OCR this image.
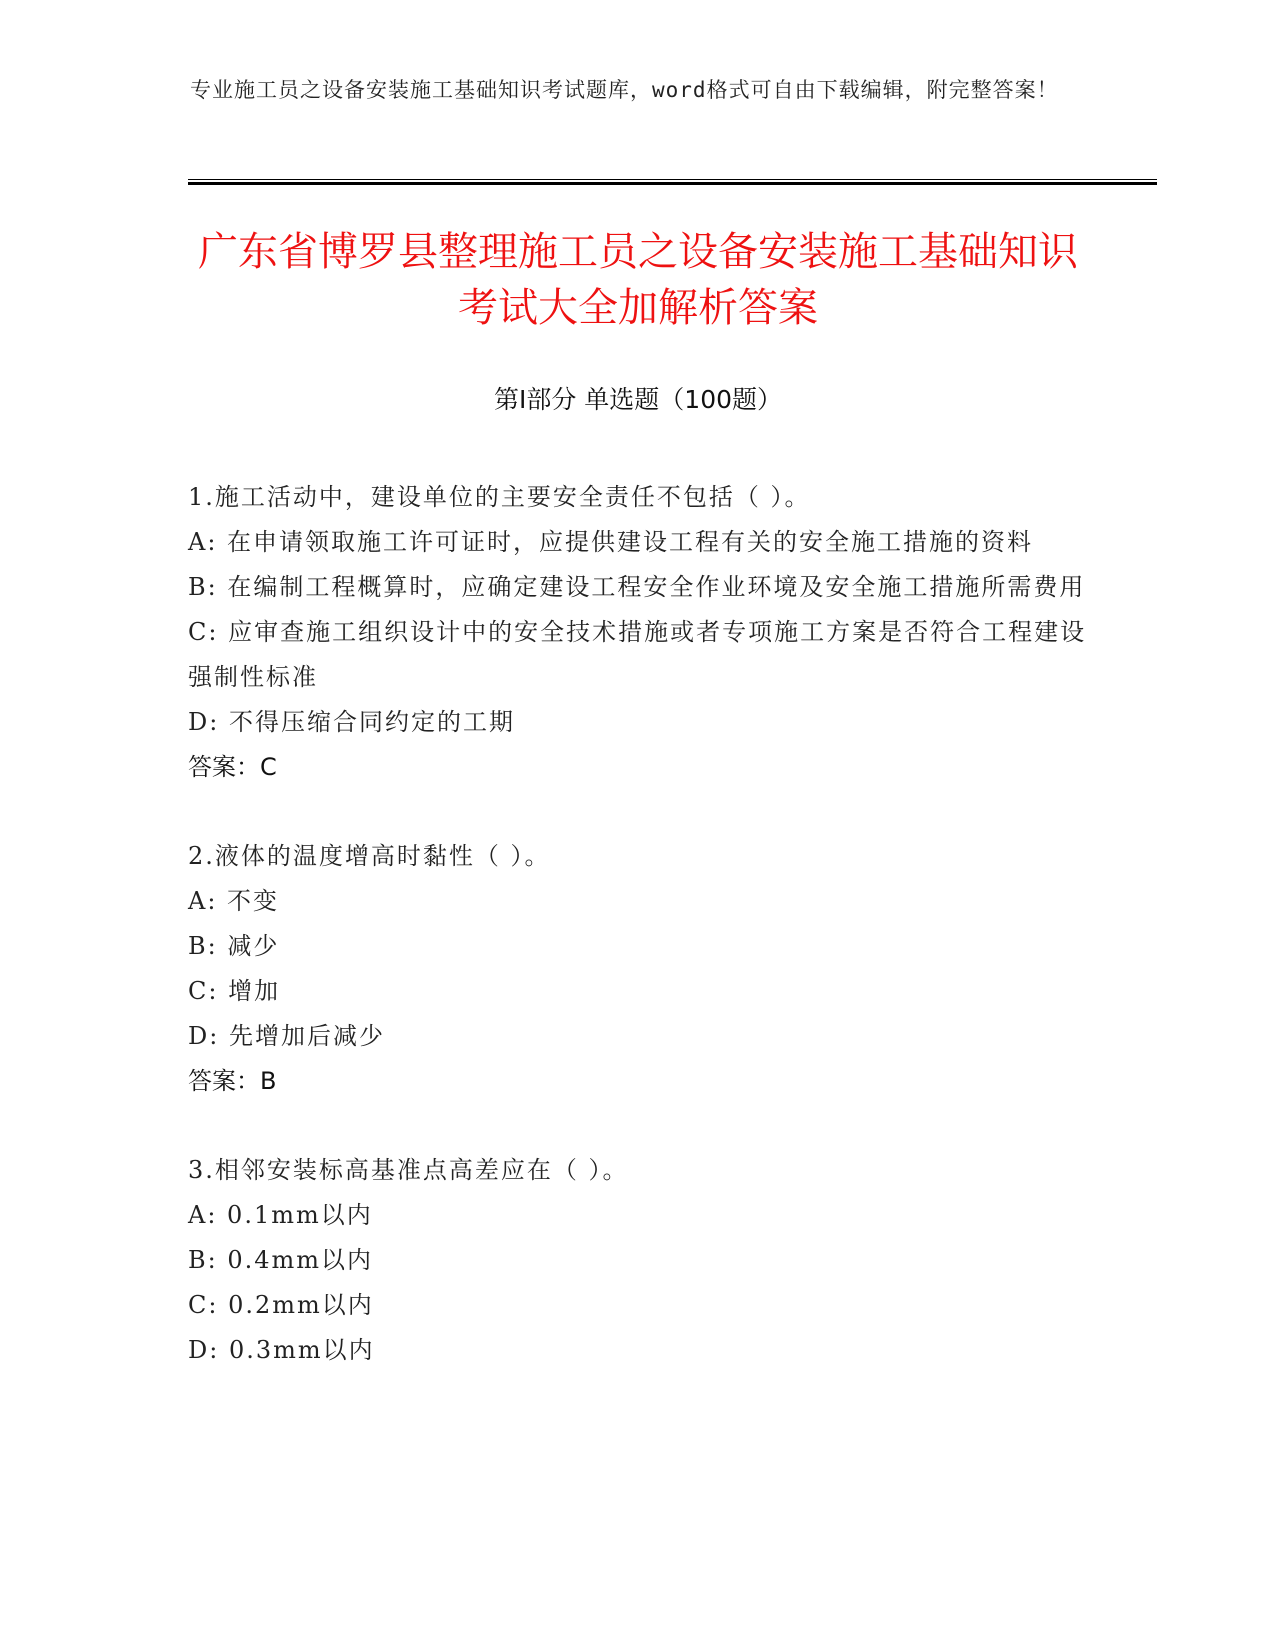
专业施工员之设备安装施工基础知识考试题库，word格式可自由下载编辑，附完整答案！
广东省博罗县整理施工员之设备安装施工基础知识考试大全加解析答案
第Ⅰ部分 单选题（100题）
1.施工活动中，建设单位的主要安全责任不包括（ ）。
A: 在申请领取施工许可证时，应提供建设工程有关的安全施工措施的资料
B: 在编制工程概算时，应确定建设工程安全作业环境及安全施工措施所需费用
C: 应审查施工组织设计中的安全技术措施或者专项施工方案是否符合工程建设强制性标准
D: 不得压缩合同约定的工期
答案：C
2.液体的温度增高时黏性（ ）。
A: 不变
B: 减少
C: 增加
D: 先增加后减少
答案：B
3.相邻安装标高基准点高差应在（ ）。
A: 0.1mm以内
B: 0.4mm以内
C: 0.2mm以内
D: 0.3mm以内
